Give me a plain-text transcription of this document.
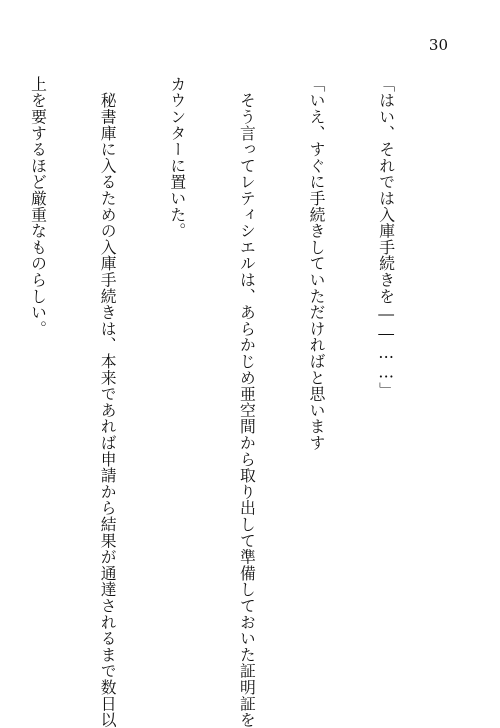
30

「はい、それでは入庫手続きを――……」

「いえ、すぐに手続きしていただければと思います

　そう言ってレティシエルは、あらかじめ亜空間から取り出して準備しておいた証明証を

カウンターに置いた。

　秘書庫に入るための入庫手続きは、本来であれば申請から結果が通達されるまで数日以

上を要するほど厳重なものらしい。
